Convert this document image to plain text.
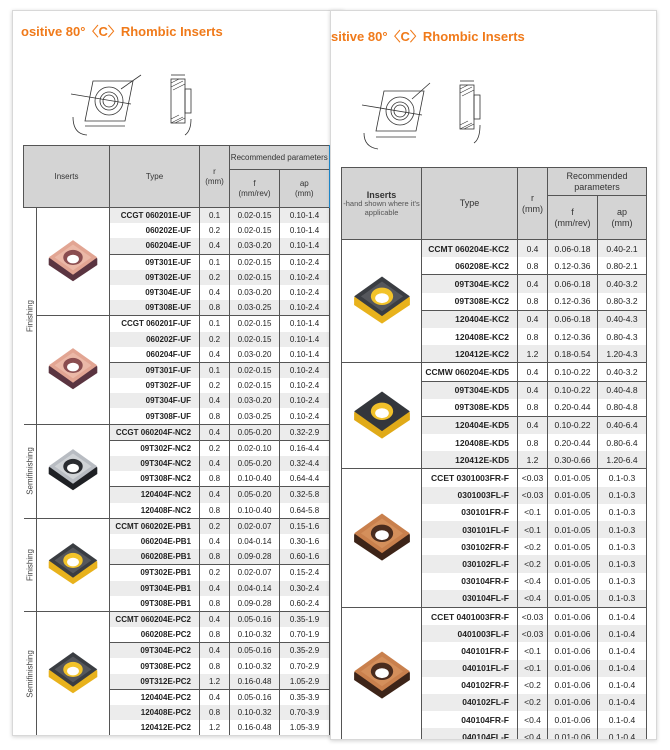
ositive 80°〈C〉Rhombic Inserts
Inserts		Type	r
(mm)	Recommended parameters	
				f
(mm/rev)	ap
(mm)

Finishing		CCGT 060201E-UF	0.1	0.02-0.15	0.10-1.4
		060202E-UF	0.2	0.02-0.15	0.10-1.4
		060204E-UF	0.4	0.03-0.20	0.10-1.4
		09T301E-UF	0.1	0.02-0.15	0.10-2.4
		09T302E-UF	0.2	0.02-0.15	0.10-2.4
		09T304E-UF	0.4	0.03-0.20	0.10-2.4
		09T308E-UF	0.8	0.03-0.25	0.10-2.4
	CCGT 060201F-UF	0.1	0.02-0.15	0.10-1.4
		060202F-UF	0.2	0.02-0.15	0.10-1.4
		060204F-UF	0.4	0.03-0.20	0.10-1.4
		09T301F-UF	0.1	0.02-0.15	0.10-2.4
		09T302F-UF	0.2	0.02-0.15	0.10-2.4
		09T304F-UF	0.4	0.03-0.20	0.10-2.4
		09T308F-UF	0.8	0.03-0.25	0.10-2.4

Semifinishing		CCGT 060204F-NC2	0.4	0.05-0.20	0.32-2.9
		09T302F-NC2	0.2	0.02-0.10	0.16-4.4
		09T304F-NC2	0.4	0.05-0.20	0.32-4.4
		09T308F-NC2	0.8	0.10-0.40	0.64-4.4
		120404F-NC2	0.4	0.05-0.20	0.32-5.8
		120408F-NC2	0.8	0.10-0.40	0.64-5.8

Finishing		CCMT 060202E-PB1	0.2	0.02-0.07	0.15-1.6
		060204E-PB1	0.4	0.04-0.14	0.30-1.6
		060208E-PB1	0.8	0.09-0.28	0.60-1.6
		09T302E-PB1	0.2	0.02-0.07	0.15-2.4
		09T304E-PB1	0.4	0.04-0.14	0.30-2.4
		09T308E-PB1	0.8	0.09-0.28	0.60-2.4

Semifinishing		CCMT 060204E-PC2	0.4	0.05-0.16	0.35-1.9
		060208E-PC2	0.8	0.10-0.32	0.70-1.9
		09T304E-PC2	0.4	0.05-0.16	0.35-2.9
		09T308E-PC2	0.8	0.10-0.32	0.70-2.9
		09T312E-PC2	1.2	0.16-0.48	1.05-2.9
		120404E-PC2	0.4	0.05-0.16	0.35-3.9
		120408E-PC2	0.8	0.10-0.32	0.70-3.9
		120412E-PC2	1.2	0.16-0.48	1.05-3.9
sitive 80°〈C〉Rhombic Inserts
Inserts
-hand shown where it's applicable
	Type	r
(mm)	Recommended parameters
			f
(mm/rev)	ap
(mm)
	CCMT 060204E-KC2	0.4	0.06-0.18	0.40-2.1
	060208E-KC2	0.8	0.12-0.36	0.80-2.1
	09T304E-KC2	0.4	0.06-0.18	0.40-3.2
	09T308E-KC2	0.8	0.12-0.36	0.80-3.2
	120404E-KC2	0.4	0.06-0.18	0.40-4.3
	120408E-KC2	0.8	0.12-0.36	0.80-4.3
	120412E-KC2	1.2	0.18-0.54	1.20-4.3
	CCMW 060204E-KD5	0.4	0.10-0.22	0.40-3.2
	09T304E-KD5	0.4	0.10-0.22	0.40-4.8
	09T308E-KD5	0.8	0.20-0.44	0.80-4.8
	120404E-KD5	0.4	0.10-0.22	0.40-6.4
	120408E-KD5	0.8	0.20-0.44	0.80-6.4
	120412E-KD5	1.2	0.30-0.66	1.20-6.4
	CCET 0301003FR-F	<0.03	0.01-0.05	0.1-0.3
	0301003FL-F	<0.03	0.01-0.05	0.1-0.3
	030101FR-F	<0.1	0.01-0.05	0.1-0.3
	030101FL-F	<0.1	0.01-0.05	0.1-0.3
	030102FR-F	<0.2	0.01-0.05	0.1-0.3
	030102FL-F	<0.2	0.01-0.05	0.1-0.3
	030104FR-F	<0.4	0.01-0.05	0.1-0.3
	030104FL-F	<0.4	0.01-0.05	0.1-0.3
	CCET 0401003FR-F	<0.03	0.01-0.06	0.1-0.4
	0401003FL-F	<0.03	0.01-0.06	0.1-0.4
	040101FR-F	<0.1	0.01-0.06	0.1-0.4
	040101FL-F	<0.1	0.01-0.06	0.1-0.4
	040102FR-F	<0.2	0.01-0.06	0.1-0.4
	040102FL-F	<0.2	0.01-0.06	0.1-0.4
	040104FR-F	<0.4	0.01-0.06	0.1-0.4
	040104FL-F	<0.4	0.01-0.06	0.1-0.4
